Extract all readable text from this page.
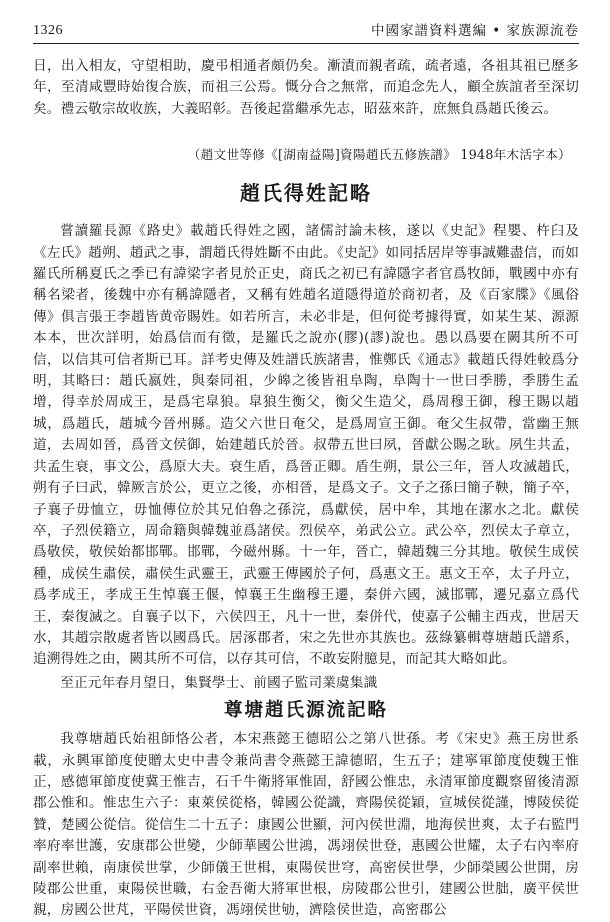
1326	中國家譜資料選編 • 家族源流卷

日，出入相友，守望相助，慶弔相通者頗仍矣。漸漬而親者疏，疏者遠，各祖其祖已歷多年，至清咸豐時始復合族，而祖三公焉。慨分合之無常，而追念先人，顧全族誼者至深切矣。禮云敬宗故收族，大義昭彰。吾後起當繼承先志，昭茲來許，庶無負爲趙氏後云。

（趙文世等修《[湖南益陽]資陽趙氏五修族譜》 1948年木活字本）

趙氏得姓記略

嘗讀羅長源《路史》載趙氏得姓之國，諸儒討論未核，遂以《史記》程嬰、杵臼及《左氏》趙朔、趙武之事，謂趙氏得姓斷不由此。《史記》如同括居岸等事誠難盡信，而如羅氏所稱夏氏之季已有諱梁字者見於正史，商氏之初已有諱隱字者官爲牧師，戰國中亦有稱名梁者，後魏中亦有稱諱隱者，又稱有姓趙名道隱得道於商初者，及《百家牒》《風俗傳》俱言張王李趙皆黄帝賜姓。如若所言，未必非是，但何從考據得實，如某生某、源源本本，世次詳明，始爲信而有徵，是羅氏之說亦(膠)(謬)說也。愚以爲要在闕其所不可信，以信其可信者斯已耳。詳考史傳及姓譜氏族諸書，惟鄭氏《通志》載趙氏得姓較爲分明，其略曰：趙氏嬴姓，與秦同祖，少皞之後皆祖阜陶，阜陶十一世曰季勝，季勝生孟增，得幸於周成王，是爲宅皐狼。皐狼生衡父，衡父生造父，爲周穆王御，穆王賜以趙城，爲趙氏，趙城今晉州縣。造父六世日奄父，是爲周宣王御。奄父生叔帶，當幽王無道，去周如晉，爲晉文侯御，始建趙氏於晉。叔帶五世曰夙，晉獻公賜之耿。夙生共孟，共孟生衰，事文公，爲原大夫。衰生盾，爲晉正卿。盾生朔，景公三年，晉人攻滅趙氏，朔有子曰武，韓厥言於公，更立之後，亦相晉，是爲文子。文子之孫曰簡子鞅，簡子卒，子襄子毋恤立，毋恤傳位於其兄伯魯之孫浣，爲獻侯，居中牟，其地在潔水之北。獻侯卒，子烈侯籍立，周命籍與韓魏並爲諸侯。烈侯卒，弟武公立。武公卒，烈侯太子章立，爲敬侯，敬侯始都邯鄲。邯鄲，今磁州縣。十一年，晉亡，韓趙魏三分其地。敬侯生成侯種，成侯生肅侯，肅侯生武靈王，武靈王傳國於子何，爲惠文王。惠文王卒，太子丹立，爲孝成王，孝成王生悼襄王偃，悼襄王生幽穆王遷，秦併六國，滅邯鄲，遷兄嘉立爲代王，秦復滅之。自襄子以下，六侯四王，凡十一世，秦併代，使嘉子公輔主西戎，世居天水，其趙宗散處者皆以國爲氏。居涿郡者，宋之先世亦其族也。茲綠纂輯尊塘趙氏譜系，追溯得姓之由，闕其所不可信，以存其可信，不敢妄附臆見，而記其大略如此。

至正元年春月望日，集賢學士、前國子監司業虞集識

尊塘趙氏源流記略

我尊塘趙氏始祖師恪公者，本宋燕懿王德昭公之第八世孫。考《宋史》燕王房世系載，永興軍節度使贈太史中書令兼尚書令燕懿王諱德昭，生五子；建寧軍節度使魏王惟正，感德軍節度使冀王惟吉，石千牛衛將軍惟固，舒國公惟忠，永清軍節度觀察留後清源郡公惟和。惟忠生六子：東萊侯從格，韓國公從識，齊陽侯從穎，宣城侯從謹，博陵侯從贊，楚國公從信。從信生二十五子：康國公世顯，河內侯世淵，地海侯世爽，太子右監門率府率世護，安康郡公世變，少師華國公世鴻，馮翊侯世登，惠國公世耀，太子右內率府副率世賴，南康侯世掌，少師儀王世楫，東陽侯世穹，高密侯世學，少師榮國公世開，房陵郡公世重，東陽侯世職，右金吾衛大將軍世根，房陵郡公世引，建國公世朏，廣平侯世親，房國公世芃，平陽侯世資，馮翊侯世劬，濟陰侯世造，高密郡公
